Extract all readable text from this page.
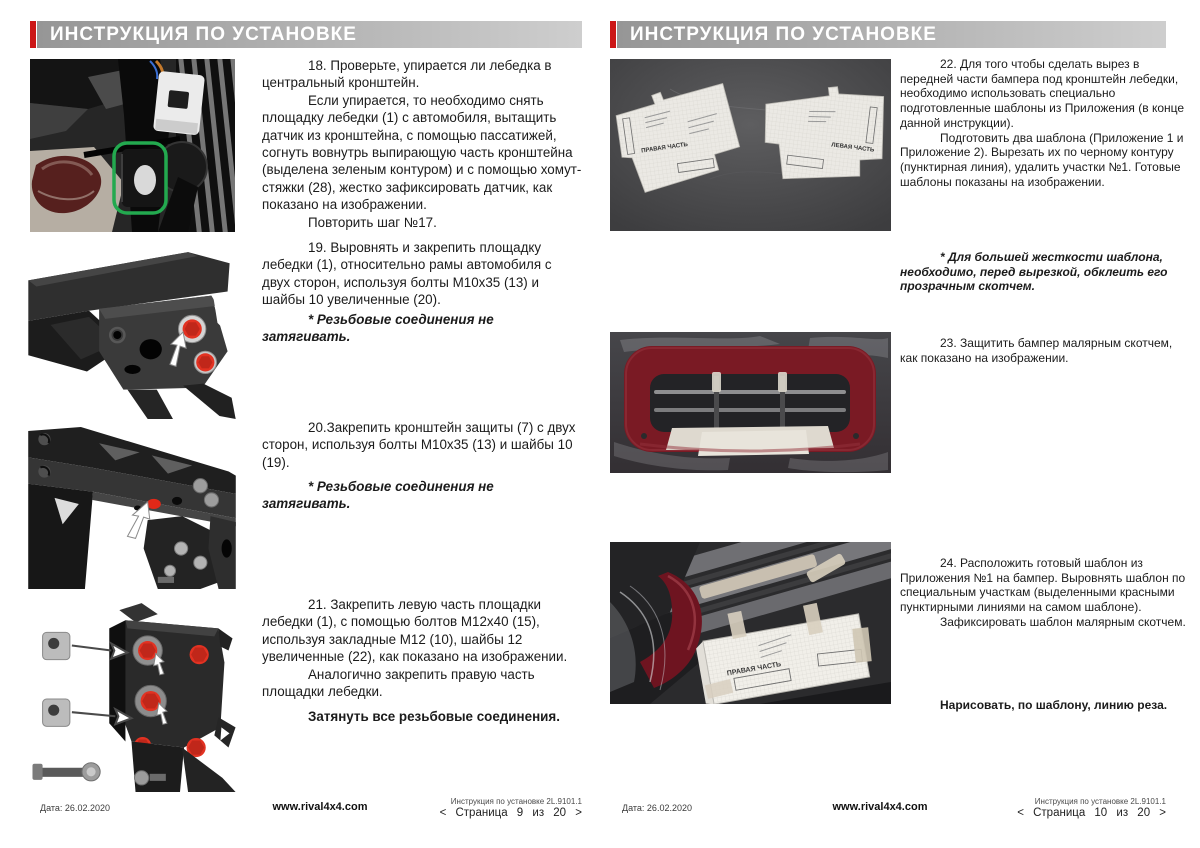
ИНСТРУКЦИЯ ПО УСТАНОВКЕ

18. Проверьте, упирается ли лебедка в центральный кронштейн.

Если упирается, то необходимо снять площадку лебедки (1) с автомобиля, вытащить датчик из кронштейна, с помощью пассатижей, согнуть вовнутрь выпирающую часть кронштейна (выделена зеленым контуром) и с помощью хомут-стяжки (28), жестко зафиксировать датчик, как показано на изображении.

Повторить шаг №17.

19. Выровнять и закрепить площадку лебедки (1), относительно рамы автомобиля с двух сторон, используя болты М10х35 (13) и шайбы 10 увеличенные (20).

* Резьбовые соединения не затягивать.

20.Закрепить кронштейн защиты (7) с двух сторон, используя болты М10х35 (13) и шайбы 10 (19).

* Резьбовые соединения не затягивать.

21. Закрепить левую часть площадки лебедки (1), с помощью болтов М12х40 (15), используя закладные М12 (10), шайбы 12 увеличенные (22), как показано на изображении.

Аналогично закрепить правую часть площадки лебедки.

Затянуть все резьбовые соединения.

Дата: 26.02.2020	www.rival4x4.com	Инструкция по установке 2L.9101.1
< Страница 9 из 20 >
ИНСТРУКЦИЯ ПО УСТАНОВКЕ
ПРАВАЯ ЧАСТЬ	ЛЕВАЯ ЧАСТЬ
ПРАВАЯ ЧАСТЬ

22. Для того чтобы сделать вырез в передней части бампера под кронштейн лебедки, необходимо использовать специально подготовленные шаблоны из Приложения (в конце данной инструкции).

Подготовить два шаблона (Приложение 1 и Приложение 2). Вырезать их по черному контуру (пунктирная линия), удалить участки №1. Готовые шаблоны показаны на изображении.

* Для большей жесткости шаблона, необходимо, перед вырезкой, обклеить его прозрачным скотчем.

23. Защитить бампер малярным скотчем, как показано на изображении.

24. Расположить готовый шаблон из Приложения №1 на бампер. Выровнять шаблон по специальным участкам (выделенными красными пунктирными линиями на самом шаблоне).

Зафиксировать шаблон малярным скотчем.

Нарисовать, по шаблону, линию реза.

Дата: 26.02.2020	www.rival4x4.com	Инструкция по установке 2L.9101.1
< Страница 10 из 20 >
